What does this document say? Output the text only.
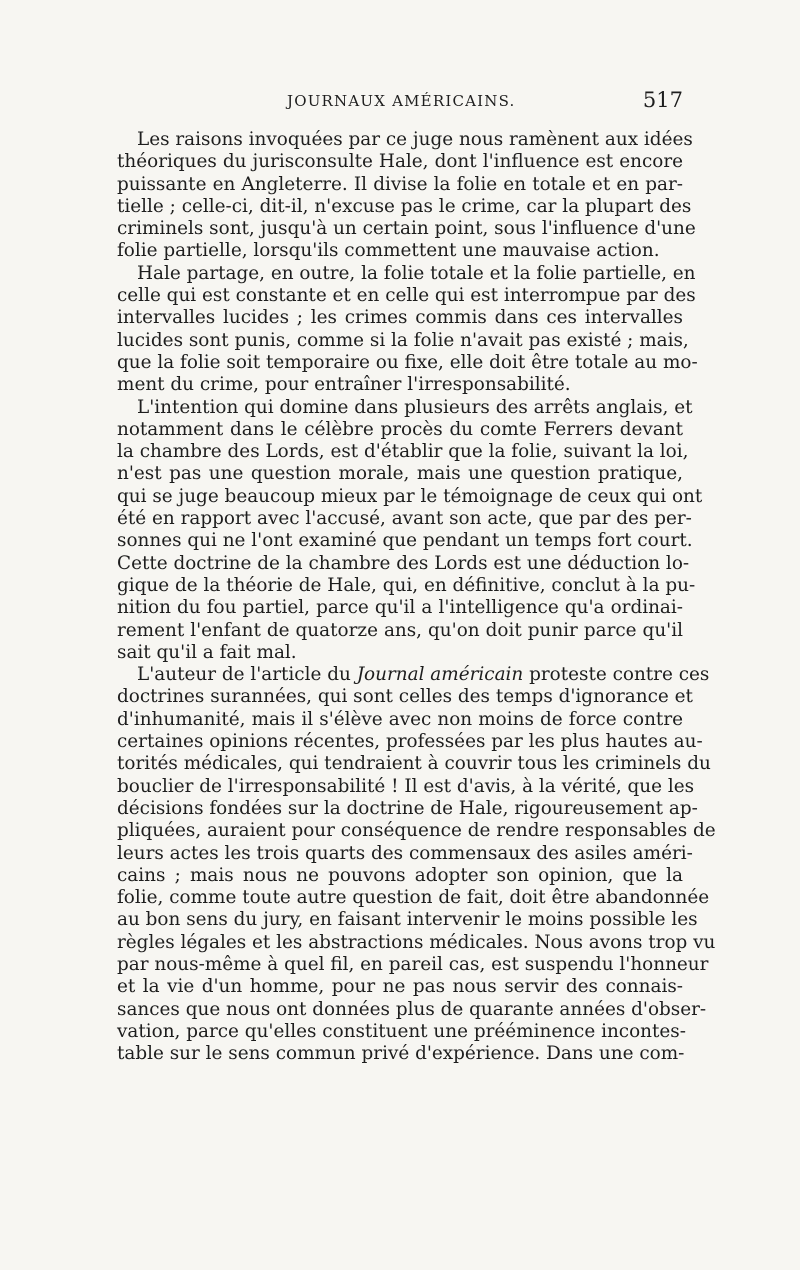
JOURNAUX AMÉRICAINS.	517
Les raisons invoquées par ce juge nous ramènent aux idées
théoriques du jurisconsulte Hale, dont l'influence est encore
puissante en Angleterre. Il divise la folie en totale et en par-
tielle ; celle-ci, dit-il, n'excuse pas le crime, car la plupart des
criminels sont, jusqu'à un certain point, sous l'influence d'une
folie partielle, lorsqu'ils commettent une mauvaise action.
Hale partage, en outre, la folie totale et la folie partielle, en
celle qui est constante et en celle qui est interrompue par des
intervalles lucides ; les crimes commis dans ces intervalles
lucides sont punis, comme si la folie n'avait pas existé ; mais,
que la folie soit temporaire ou fixe, elle doit être totale au mo-
ment du crime, pour entraîner l'irresponsabilité.
L'intention qui domine dans plusieurs des arrêts anglais, et
notamment dans le célèbre procès du comte Ferrers devant
la chambre des Lords, est d'établir que la folie, suivant la loi,
n'est pas une question morale, mais une question pratique,
qui se juge beaucoup mieux par le témoignage de ceux qui ont
été en rapport avec l'accusé, avant son acte, que par des per-
sonnes qui ne l'ont examiné que pendant un temps fort court.
Cette doctrine de la chambre des Lords est une déduction lo-
gique de la théorie de Hale, qui, en définitive, conclut à la pu-
nition du fou partiel, parce qu'il a l'intelligence qu'a ordinai-
rement l'enfant de quatorze ans, qu'on doit punir parce qu'il
sait qu'il a fait mal.
L'auteur de l'article du Journal américain proteste contre ces
doctrines surannées, qui sont celles des temps d'ignorance et
d'inhumanité, mais il s'élève avec non moins de force contre
certaines opinions récentes, professées par les plus hautes au-
torités médicales, qui tendraient à couvrir tous les criminels du
bouclier de l'irresponsabilité ! Il est d'avis, à la vérité, que les
décisions fondées sur la doctrine de Hale, rigoureusement ap-
pliquées, auraient pour conséquence de rendre responsables de
leurs actes les trois quarts des commensaux des asiles améri-
cains ; mais nous ne pouvons adopter son opinion, que la
folie, comme toute autre question de fait, doit être abandonnée
au bon sens du jury, en faisant intervenir le moins possible les
règles légales et les abstractions médicales. Nous avons trop vu
par nous-même à quel fil, en pareil cas, est suspendu l'honneur
et la vie d'un homme, pour ne pas nous servir des connais-
sances que nous ont données plus de quarante années d'obser-
vation, parce qu'elles constituent une prééminence incontes-
table sur le sens commun privé d'expérience. Dans une com-
